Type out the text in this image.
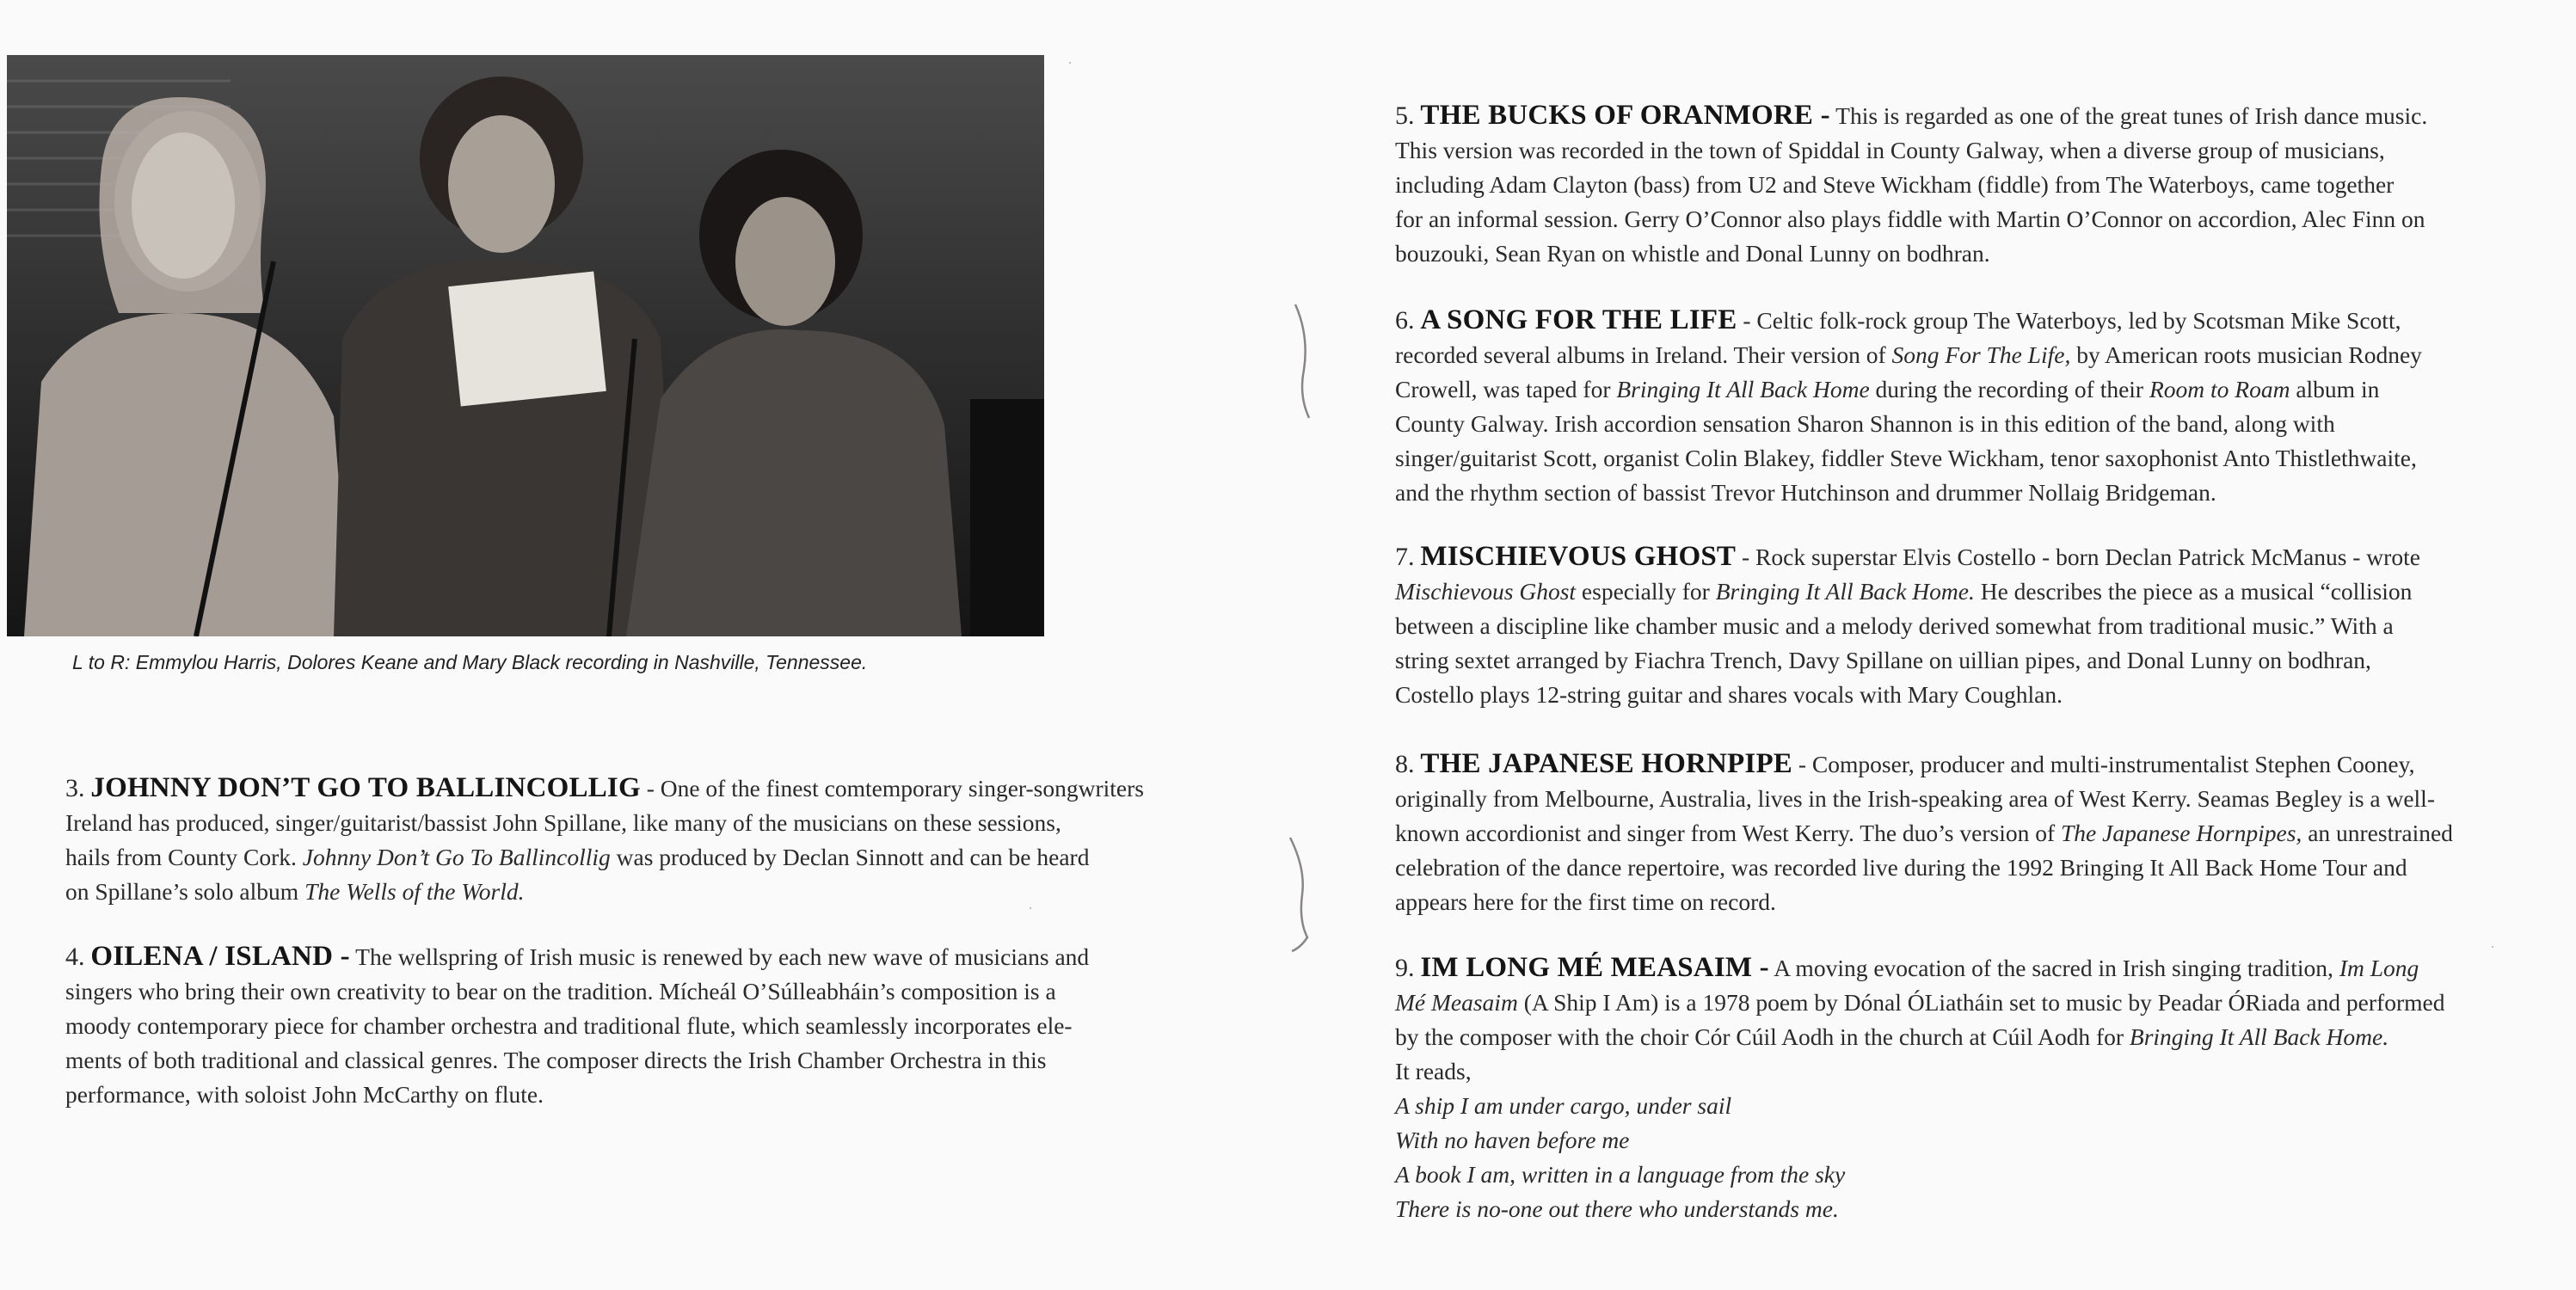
L to R: Emmylou Harris, Dolores Keane and Mary Black recording in Nashville, Tennessee.

3. JOHNNY DON’T GO TO BALLINCOLLIG - One of the finest comtemporary singer-songwriters

Ireland has produced, singer/guitarist/bassist John Spillane, like many of the musicians on these sessions,

hails from County Cork. Johnny Don’t Go To Ballincollig was produced by Declan Sinnott and can be heard

on Spillane’s solo album The Wells of the World.

4. OILENA / ISLAND - The wellspring of Irish music is renewed by each new wave of musicians and

singers who bring their own creativity to bear on the tradition. Mícheál O’Súlleabháin’s composition is a

moody contemporary piece for chamber orchestra and traditional flute, which seamlessly incorporates ele-

ments of both traditional and classical genres. The composer directs the Irish Chamber Orchestra in this

performance, with soloist John McCarthy on flute.

5. THE BUCKS OF ORANMORE - This is regarded as one of the great tunes of Irish dance music.

This version was recorded in the town of Spiddal in County Galway, when a diverse group of musicians,

including Adam Clayton (bass) from U2 and Steve Wickham (fiddle) from The Waterboys, came together

for an informal session. Gerry O’Connor also plays fiddle with Martin O’Connor on accordion, Alec Finn on

bouzouki, Sean Ryan on whistle and Donal Lunny on bodhran.

6. A SONG FOR THE LIFE - Celtic folk-rock group The Waterboys, led by Scotsman Mike Scott,

recorded several albums in Ireland. Their version of Song For The Life, by American roots musician Rodney

Crowell, was taped for Bringing It All Back Home during the recording of their Room to Roam album in

County Galway. Irish accordion sensation Sharon Shannon is in this edition of the band, along with

singer/guitarist Scott, organist Colin Blakey, fiddler Steve Wickham, tenor saxophonist Anto Thistlethwaite,

and the rhythm section of bassist Trevor Hutchinson and drummer Nollaig Bridgeman.

7. MISCHIEVOUS GHOST - Rock superstar Elvis Costello - born Declan Patrick McManus - wrote

Mischievous Ghost especially for Bringing It All Back Home. He describes the piece as a musical “collision

between a discipline like chamber music and a melody derived somewhat from traditional music.” With a

string sextet arranged by Fiachra Trench, Davy Spillane on uillian pipes, and Donal Lunny on bodhran,

Costello plays 12-string guitar and shares vocals with Mary Coughlan.

8. THE JAPANESE HORNPIPE - Composer, producer and multi-instrumentalist Stephen Cooney,

originally from Melbourne, Australia, lives in the Irish-speaking area of West Kerry. Seamas Begley is a well-

known accordionist and singer from West Kerry. The duo’s version of The Japanese Hornpipes, an unrestrained

celebration of the dance repertoire, was recorded live during the 1992 Bringing It All Back Home Tour and

appears here for the first time on record.

9. IM LONG MÉ MEASAIM - A moving evocation of the sacred in Irish singing tradition, Im Long

Mé Measaim (A Ship I Am) is a 1978 poem by Dónal ÓLiatháin set to music by Peadar ÓRiada and performed

by the composer with the choir Cór Cúil Aodh in the church at Cúil Aodh for Bringing It All Back Home.

It reads,

A ship I am under cargo, under sail
With no haven before me
A book I am, written in a language from the sky
There is no-one out there who understands me.
